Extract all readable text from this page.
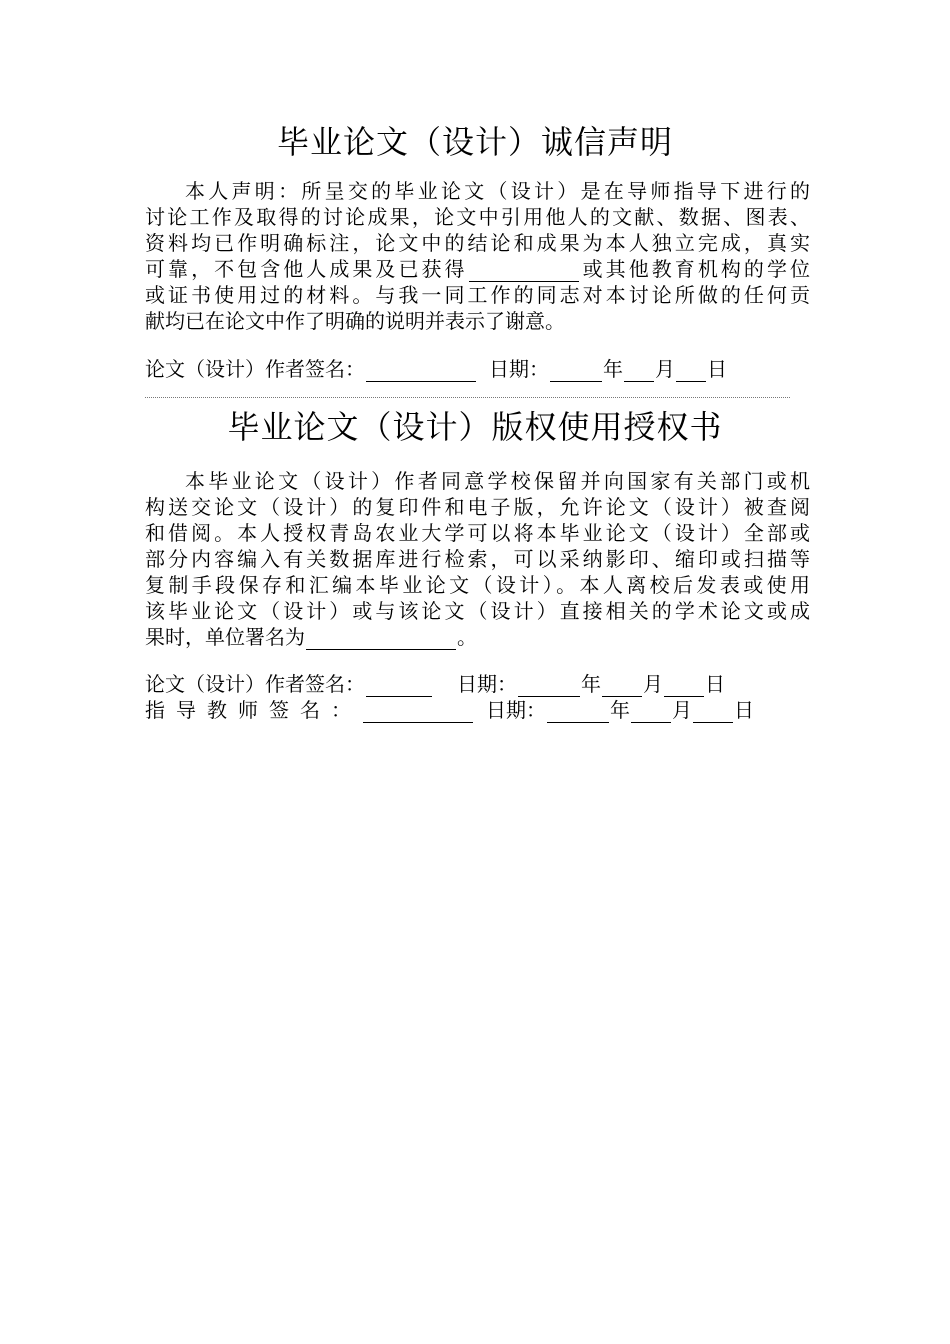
毕业论文（设计）诚信声明
本人声明：所呈交的毕业论文（设计）是在导师指导下进行的
讨论工作及取得的讨论成果，论文中引用他人的文献、数据、图表、
资料均已作明确标注，论文中的结论和成果为本人独立完成，真实
可靠，不包含他人成果及已获得	或其他教育机构的学位
或证书使用过的材料。与我一同工作的同志对本讨论所做的任何贡
献均已在论文中作了明确的说明并表示了谢意。
论文（设计）作者签名：	日期：	年 月 日
毕业论文（设计）版权使用授权书
本毕业论文（设计）作者同意学校保留并向国家有关部门或机
构送交论文（设计）的复印件和电子版，允许论文（设计）被查阅
和借阅。本人授权青岛农业大学可以将本毕业论文（设计）全部或
部分内容编入有关数据库进行检索，可以采纳影印、缩印或扫描等
复制手段保存和汇编本毕业论文（设计）。本人离校后发表或使用
该毕业论文（设计）或与该论文（设计）直接相关的学术论文或成
果时，单位署名为	。
论文（设计）作者签名：	日期：	年 月 日
指导教师签名：	日期：	年 月 日
